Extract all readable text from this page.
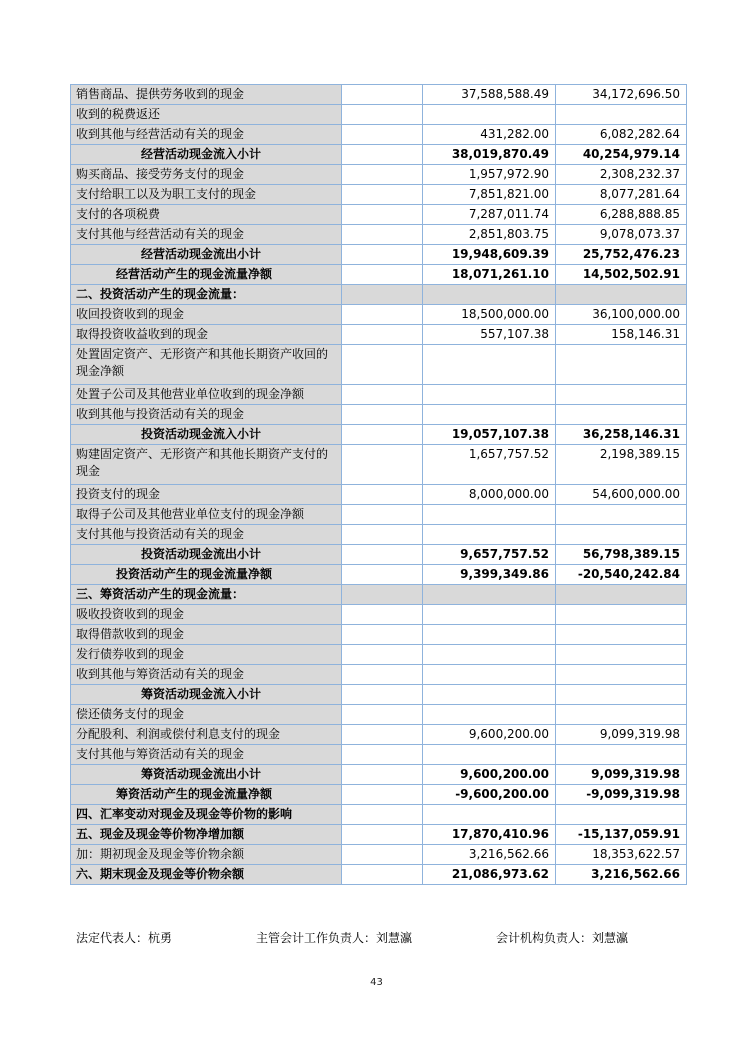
销售商品、提供劳务收到的现金		37,588,588.49	34,172,696.50
收到的税费返还			
收到其他与经营活动有关的现金		431,282.00	6,082,282.64
经营活动现金流入小计		38,019,870.49	40,254,979.14
购买商品、接受劳务支付的现金		1,957,972.90	2,308,232.37
支付给职工以及为职工支付的现金		7,851,821.00	8,077,281.64
支付的各项税费		7,287,011.74	6,288,888.85
支付其他与经营活动有关的现金		2,851,803.75	9,078,073.37
经营活动现金流出小计		19,948,609.39	25,752,476.23
经营活动产生的现金流量净额		18,071,261.10	14,502,502.91
二、投资活动产生的现金流量：			
收回投资收到的现金		18,500,000.00	36,100,000.00
取得投资收益收到的现金		557,107.38	158,146.31
处置固定资产、无形资产和其他长期资产收回的现金净额			
处置子公司及其他营业单位收到的现金净额			
收到其他与投资活动有关的现金			
投资活动现金流入小计		19,057,107.38	36,258,146.31
购建固定资产、无形资产和其他长期资产支付的现金		1,657,757.52	2,198,389.15
投资支付的现金		8,000,000.00	54,600,000.00
取得子公司及其他营业单位支付的现金净额			
支付其他与投资活动有关的现金			
投资活动现金流出小计		9,657,757.52	56,798,389.15
投资活动产生的现金流量净额		9,399,349.86	-20,540,242.84
三、筹资活动产生的现金流量：			
吸收投资收到的现金			
取得借款收到的现金			
发行债券收到的现金			
收到其他与筹资活动有关的现金			
筹资活动现金流入小计			
偿还债务支付的现金			
分配股利、利润或偿付利息支付的现金		9,600,200.00	9,099,319.98
支付其他与筹资活动有关的现金			
筹资活动现金流出小计		9,600,200.00	9,099,319.98
筹资活动产生的现金流量净额		-9,600,200.00	-9,099,319.98
四、汇率变动对现金及现金等价物的影响			
五、现金及现金等价物净增加额		17,870,410.96	-15,137,059.91
加：期初现金及现金等价物余额		3,216,562.66	18,353,622.57
六、期末现金及现金等价物余额		21,086,973.62	3,216,562.66
法定代表人：杭勇	主管会计工作负责人：刘慧瀛	会计机构负责人：刘慧瀛
43
